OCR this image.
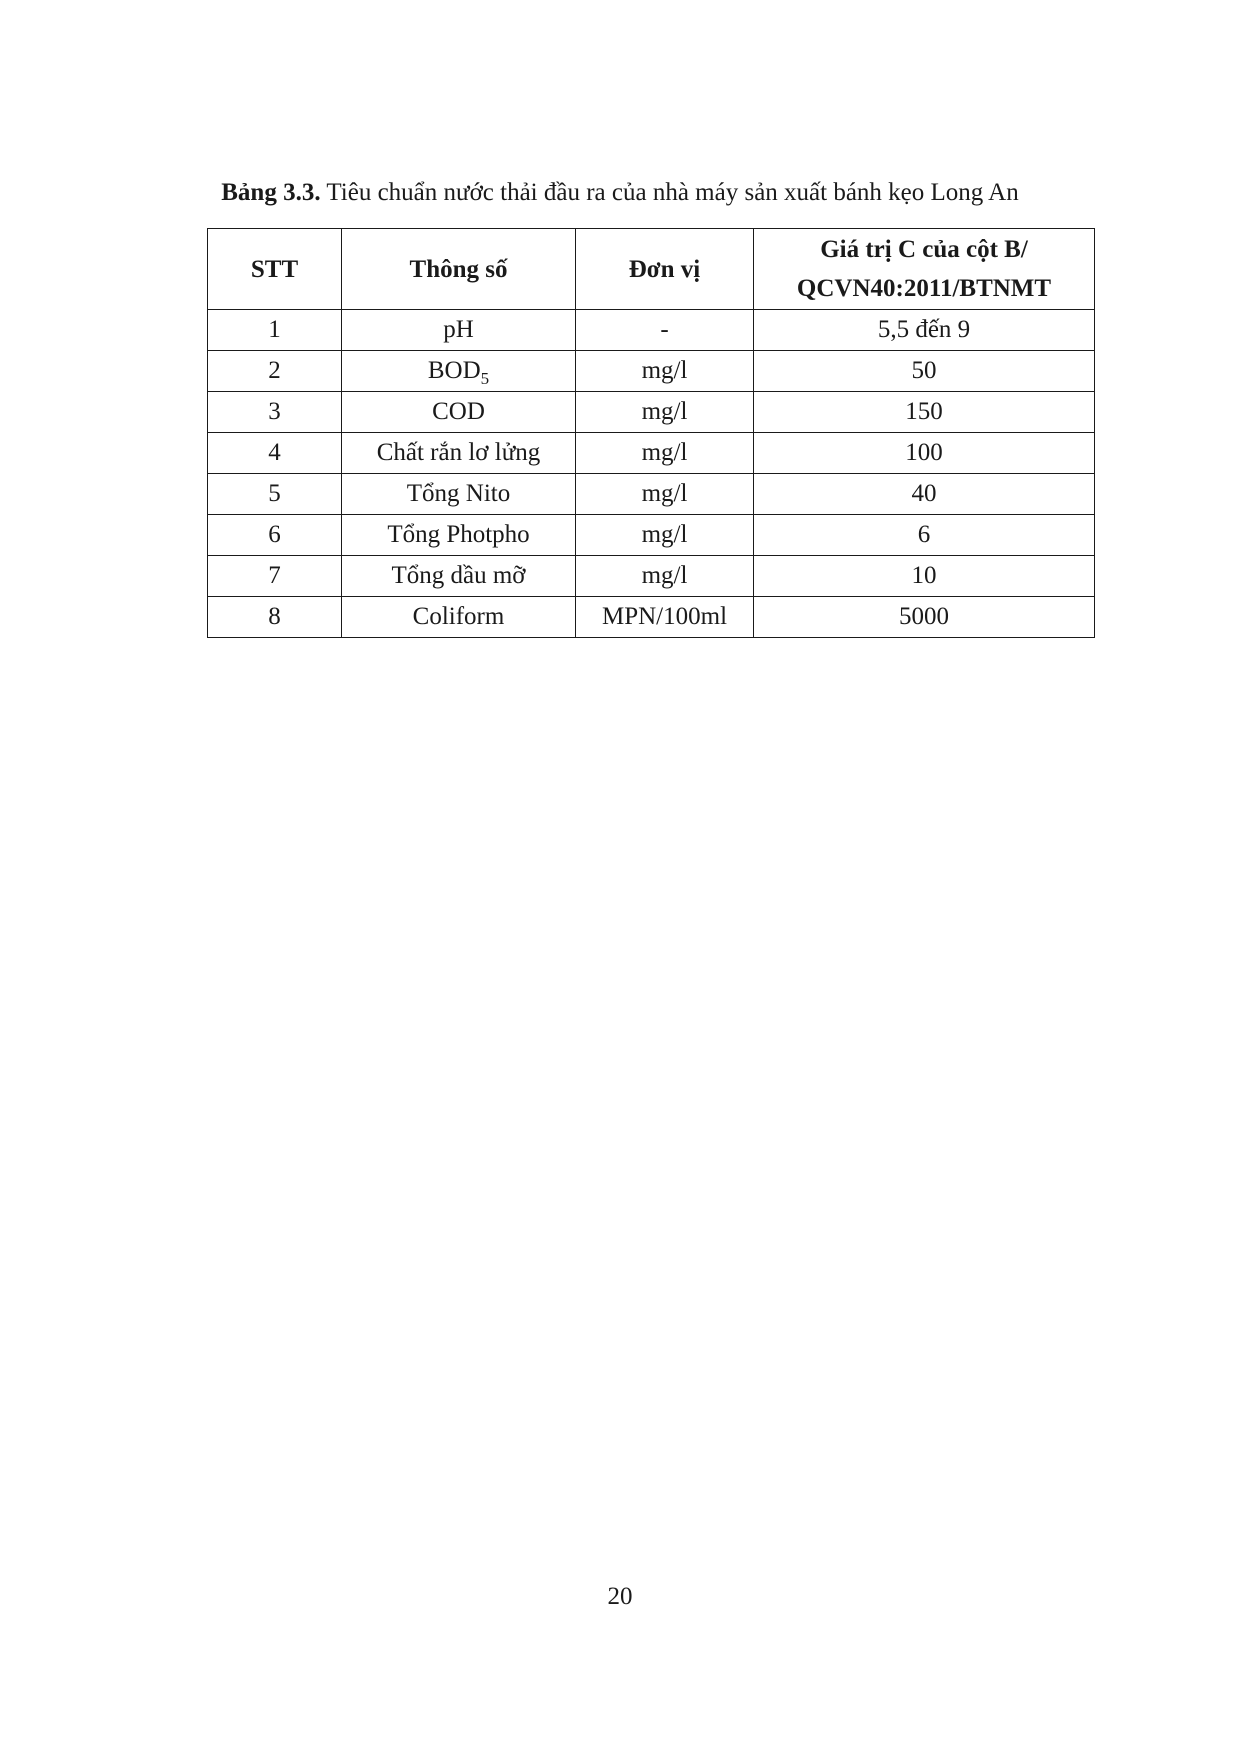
Bảng 3.3. Tiêu chuẩn nước thải đầu ra của nhà máy sản xuất bánh kẹo Long An
STT	Thông số	Đơn vị	Giá trị C của cột B/
QCVN40:2011/BTNMT

1	pH	-	5,5 đến 9
2	$BOD_5$	mg/l	50
3	COD	mg/l	150
4	Chất rắn lơ lửng	mg/l	100
5	Tổng Nito	mg/l	40
6	Tổng Photpho	mg/l	6
7	Tổng dầu mỡ	mg/l	10
8	Coliform	MPN/100ml	5000
20
